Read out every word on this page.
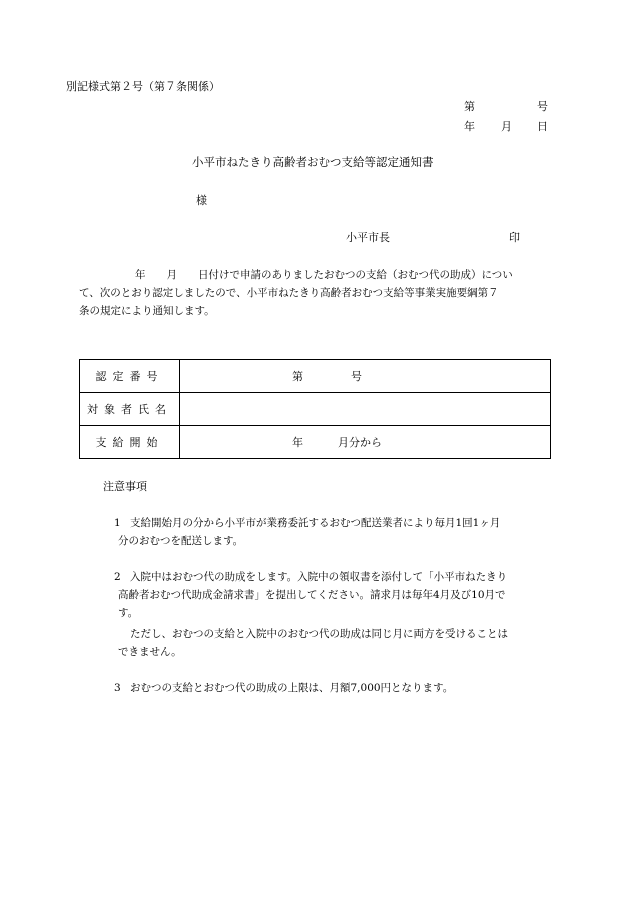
別記様式第２号（第７条関係）
第	号
年 月 日
小平市ねたきり高齢者おむつ支給等認定通知書
様
小平市長	印
年　　月　　日付けで申請のありましたおむつの支給（おむつ代の助成）につい
て、次のとおり認定しましたので、小平市ねたきり高齢者おむつ支給等事業実施要綱第７
条の規定により通知します。
認定番号	第 号

対象者氏名	

支給開始	年 月分から
注意事項
1 支給開始月の分から小平市が業務委託するおむつ配送業者により毎月1回1ヶ月
分のおむつを配送します。
2 入院中はおむつ代の助成をします。入院中の領収書を添付して「小平市ねたきり
高齢者おむつ代助成金請求書」を提出してください。請求月は毎年4月及び10月で
す。
ただし、おむつの支給と入院中のおむつ代の助成は同じ月に両方を受けることは
できません。
3 おむつの支給とおむつ代の助成の上限は、月額7,000円となります。
